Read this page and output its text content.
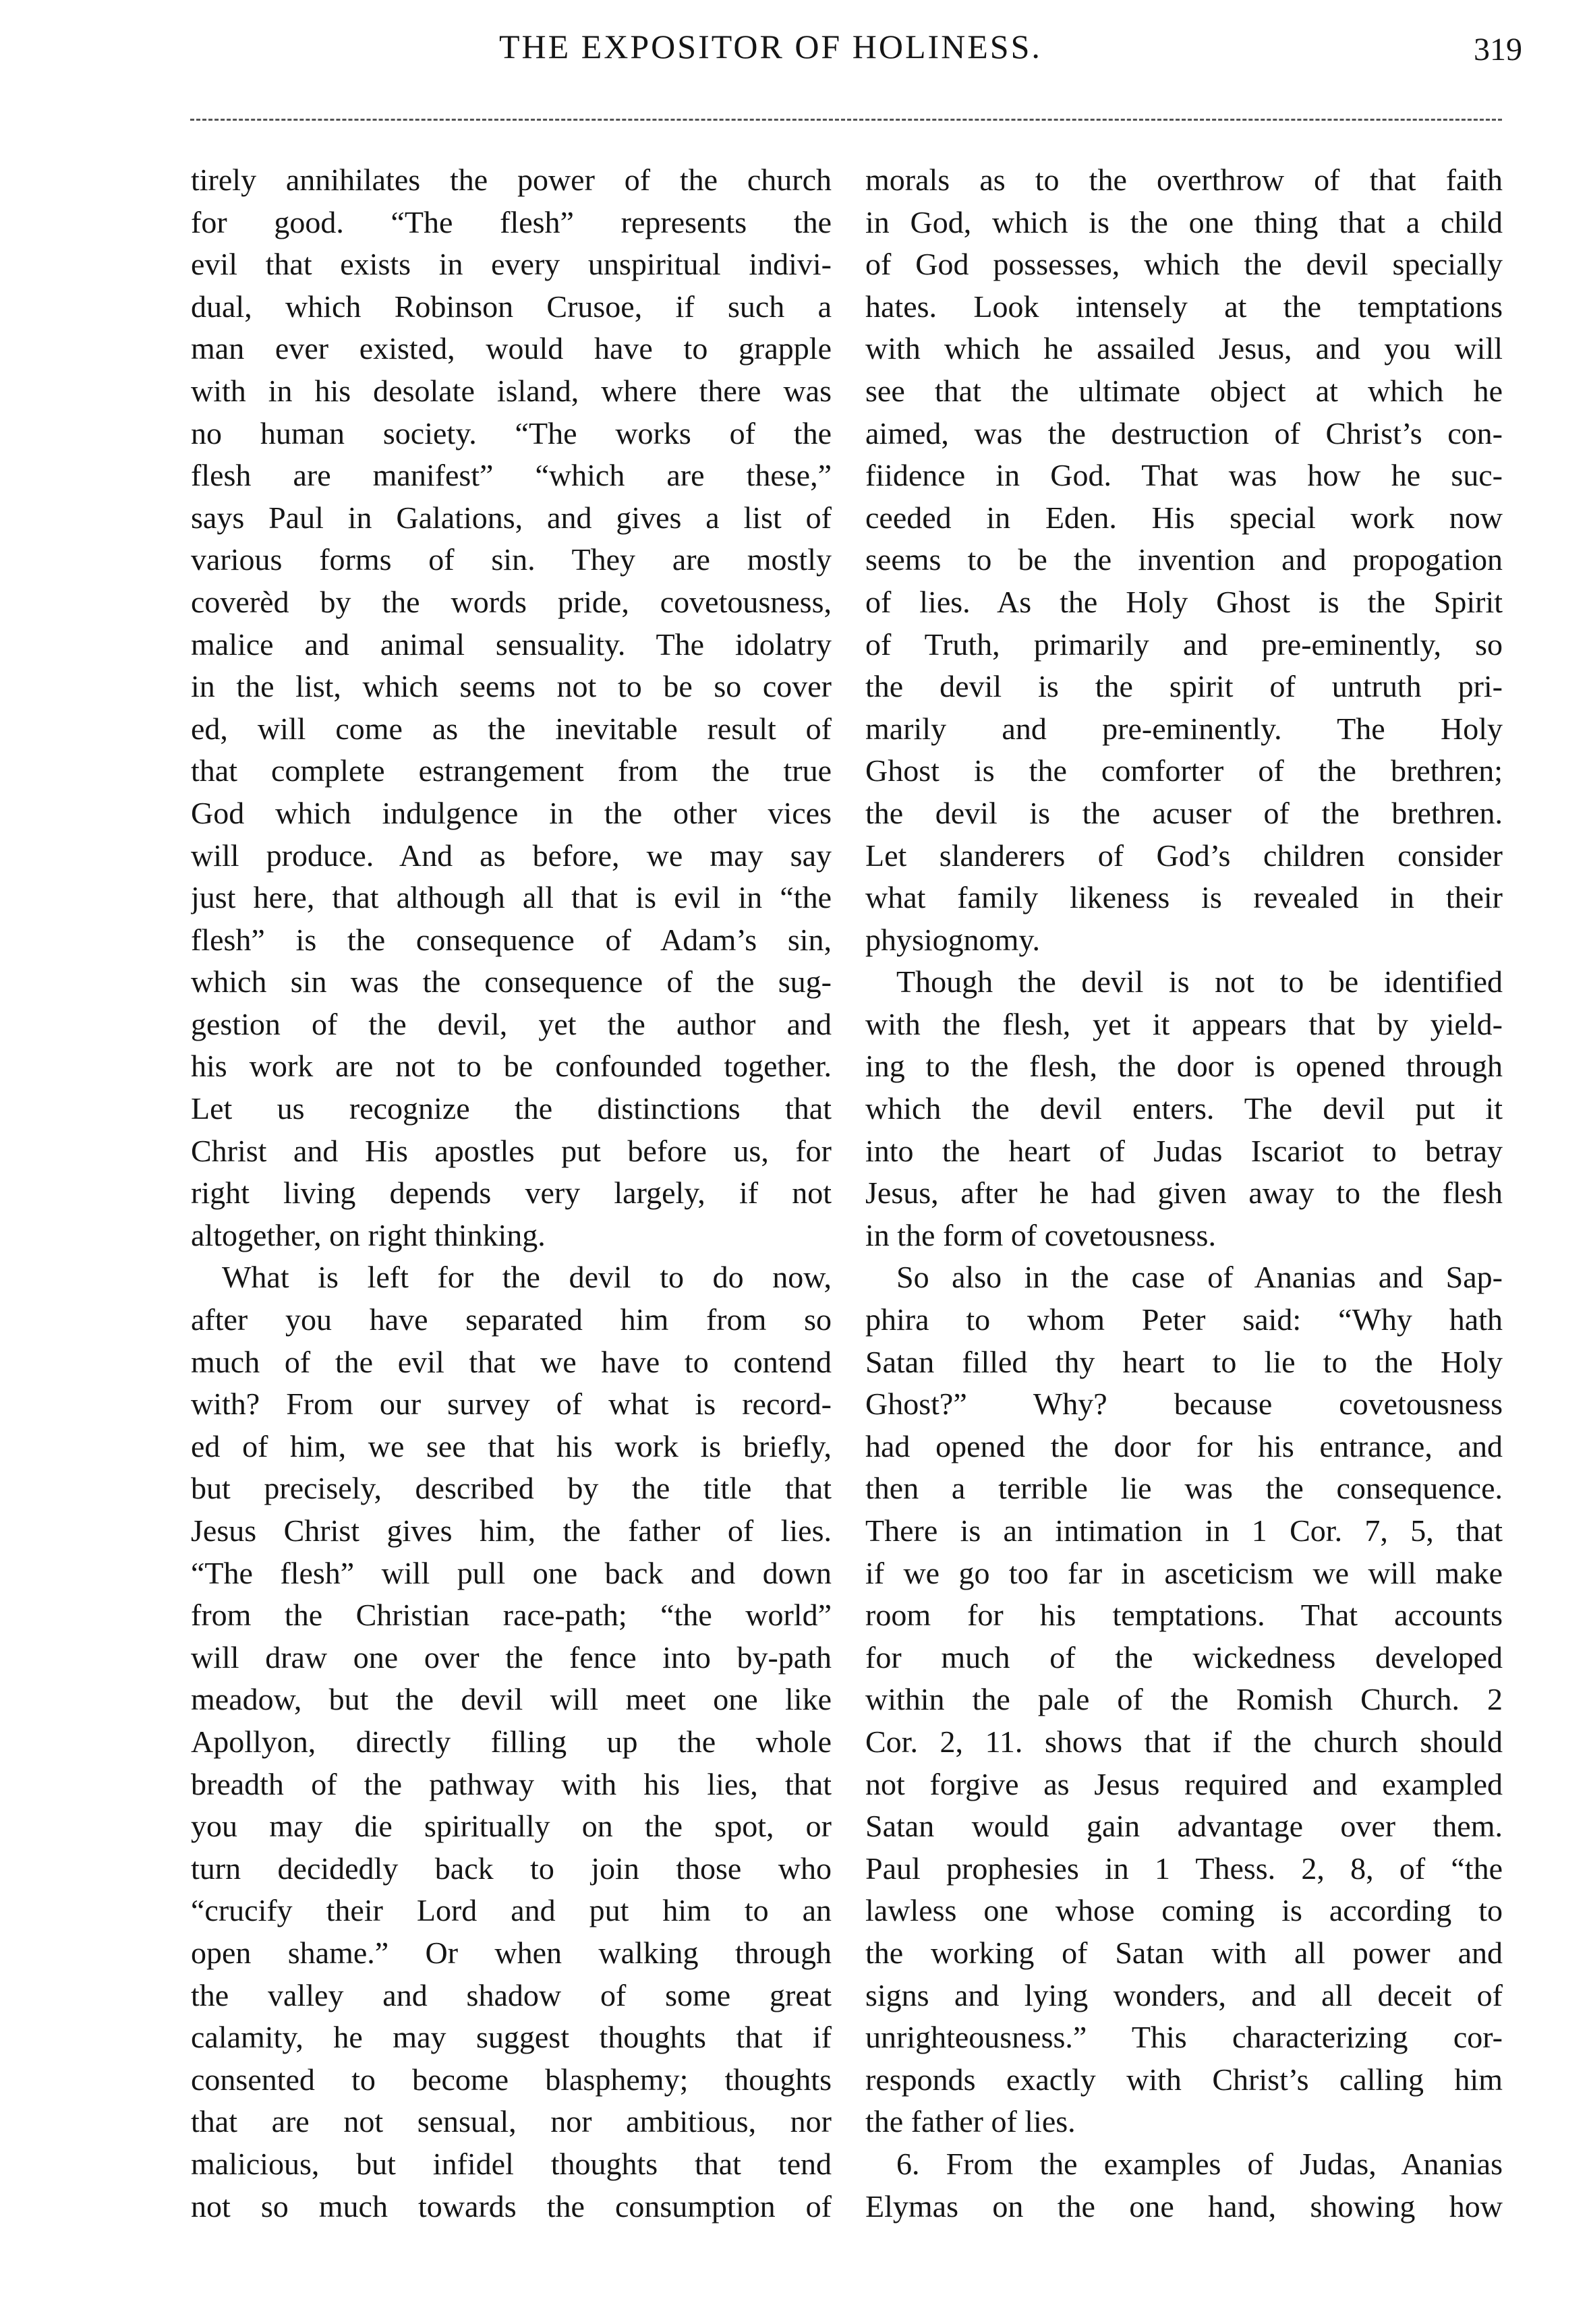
THE EXPOSITOR OF HOLINESS.	319
tirely annihilates the power of the church
for good. “The flesh” represents the
evil that exists in every unspiritual indivi-
dual, which Robinson Crusoe, if such a
man ever existed, would have to grapple
with in his desolate island, where there was
no human society. “The works of the
flesh are manifest” “which are these,”
says Paul in Galations, and gives a list of
various forms of sin. They are mostly
coverèd by the words pride, covetousness,
malice and animal sensuality. The idolatry
in the list, which seems not to be so cover
ed, will come as the inevitable result of
that complete estrangement from the true
God which indulgence in the other vices
will produce. And as before, we may say
just here, that although all that is evil in “the
flesh” is the consequence of Adam’s sin,
which sin was the consequence of the sug-
gestion of the devil, yet the author and
his work are not to be confounded together.
Let us recognize the distinctions that
Christ and His apostles put before us, for
right living depends very largely, if not
altogether, on right thinking.
What is left for the devil to do now,
after you have separated him from so
much of the evil that we have to contend
with? From our survey of what is record-
ed of him, we see that his work is briefly,
but precisely, described by the title that
Jesus Christ gives him, the father of lies.
“The flesh” will pull one back and down
from the Christian race-path; “the world”
will draw one over the fence into by-path
meadow, but the devil will meet one like
Apollyon, directly filling up the whole
breadth of the pathway with his lies, that
you may die spiritually on the spot, or
turn decidedly back to join those who
“crucify their Lord and put him to an
open shame.” Or when walking through
the valley and shadow of some great
calamity, he may suggest thoughts that if
consented to become blasphemy; thoughts
that are not sensual, nor ambitious, nor
malicious, but infidel thoughts that tend
not so much towards the consumption of
morals as to the overthrow of that faith
in God, which is the one thing that a child
of God possesses, which the devil specially
hates. Look intensely at the temptations
with which he assailed Jesus, and you will
see that the ultimate object at which he
aimed, was the destruction of Christ’s con-
fiidence in God. That was how he suc-
ceeded in Eden. His special work now
seems to be the invention and propogation
of lies. As the Holy Ghost is the Spirit
of Truth, primarily and pre-eminently, so
the devil is the spirit of untruth pri-
marily and pre-eminently. The Holy
Ghost is the comforter of the brethren;
the devil is the acuser of the brethren.
Let slanderers of God’s children consider
what family likeness is revealed in their
physiognomy.
Though the devil is not to be identified
with the flesh, yet it appears that by yield-
ing to the flesh, the door is opened through
which the devil enters. The devil put it
into the heart of Judas Iscariot to betray
Jesus, after he had given away to the flesh
in the form of covetousness.
So also in the case of Ananias and Sap-
phira to whom Peter said: “Why hath
Satan filled thy heart to lie to the Holy
Ghost?” Why? because covetousness
had opened the door for his entrance, and
then a terrible lie was the consequence.
There is an intimation in 1 Cor. 7, 5, that
if we go too far in asceticism we will make
room for his temptations. That accounts
for much of the wickedness developed
within the pale of the Romish Church. 2
Cor. 2, 11. shows that if the church should
not forgive as Jesus required and exampled
Satan would gain advantage over them.
Paul prophesies in 1 Thess. 2, 8, of “the
lawless one whose coming is according to
the working of Satan with all power and
signs and lying wonders, and all deceit of
unrighteousness.” This characterizing cor-
responds exactly with Christ’s calling him
the father of lies.
6. From the examples of Judas, Ananias
Elymas on the one hand, showing how
